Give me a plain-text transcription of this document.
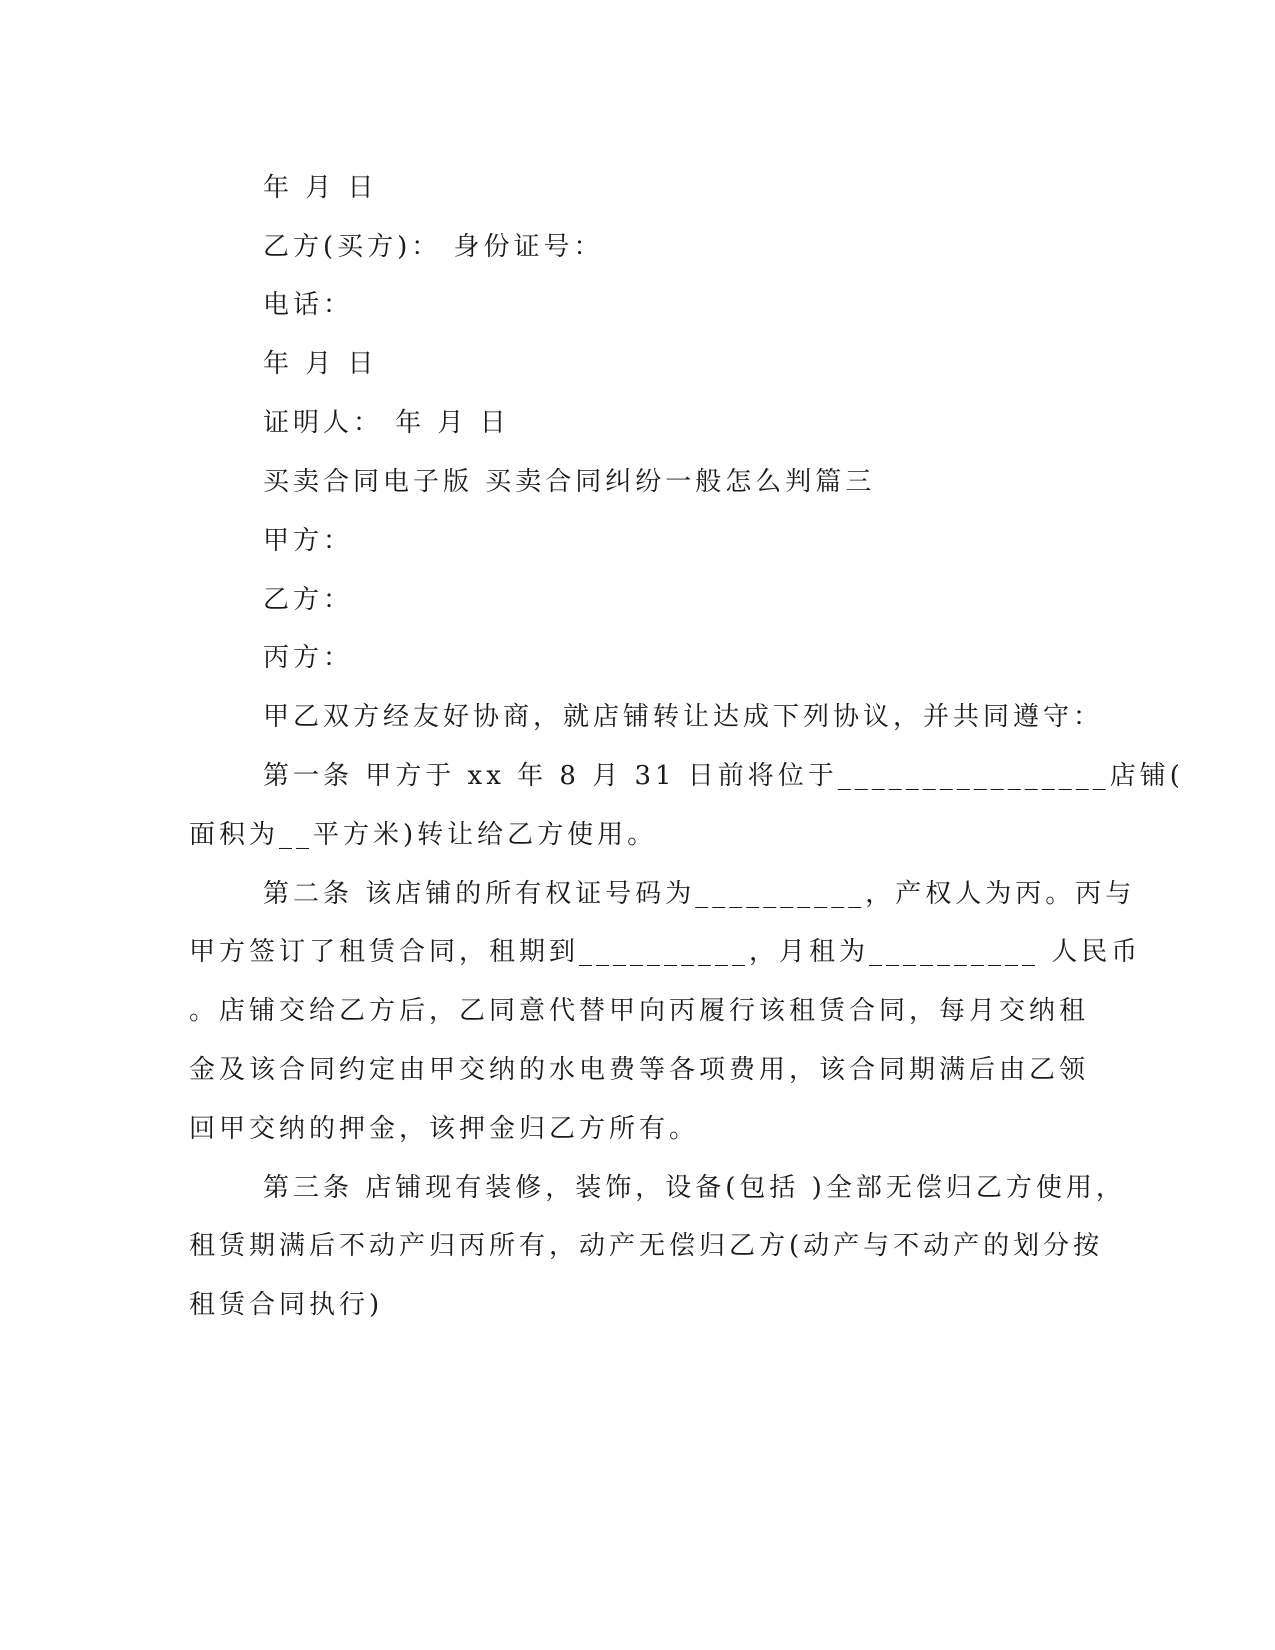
年 月 日
乙方(买方)： 身份证号：
电话：
年 月 日
证明人： 年 月 日
买卖合同电子版 买卖合同纠纷一般怎么判篇三
甲方：
乙方：
丙方：
甲乙双方经友好协商，就店铺转让达成下列协议，并共同遵守：
第一条 甲方于 xx 年 8 月 31 日前将位于________________店铺(
面积为__平方米)转让给乙方使用。
第二条 该店铺的所有权证号码为__________，产权人为丙。丙与
甲方签订了租赁合同，租期到__________，月租为__________ 人民币
。店铺交给乙方后，乙同意代替甲向丙履行该租赁合同，每月交纳租
金及该合同约定由甲交纳的水电费等各项费用，该合同期满后由乙领
回甲交纳的押金，该押金归乙方所有。
第三条 店铺现有装修，装饰，设备(包括 )全部无偿归乙方使用，
租赁期满后不动产归丙所有，动产无偿归乙方(动产与不动产的划分按
租赁合同执行)
